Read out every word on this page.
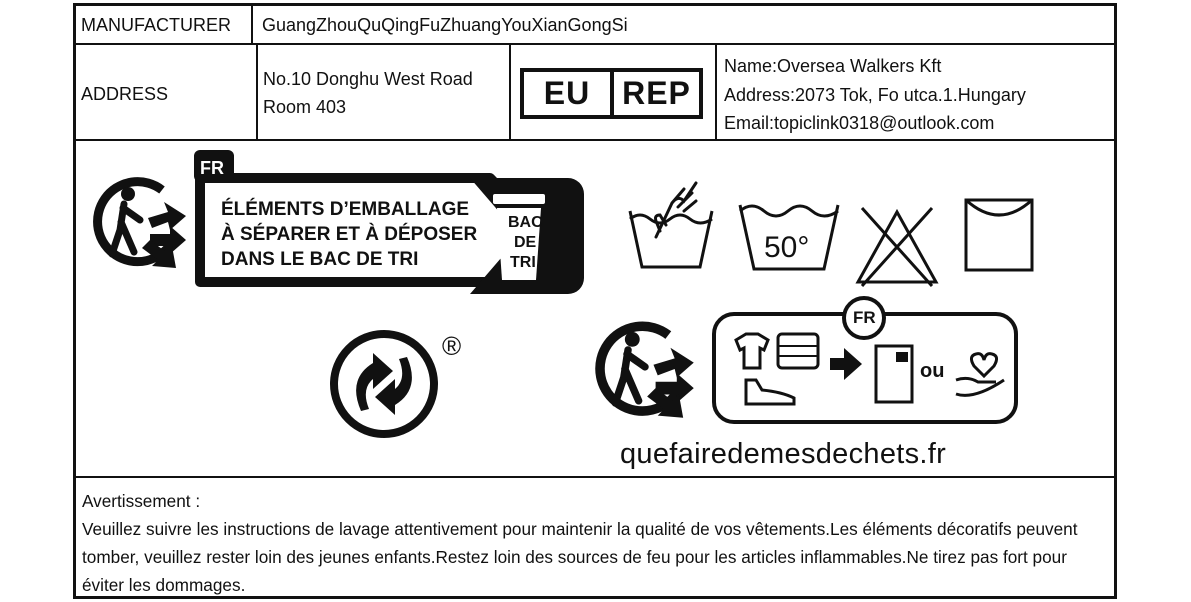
MANUFACTURER GuangZhouQuQingFuZhuangYouXianGongSi
ADDRESS
No.10 Donghu West Road
Room 403	EU REP
Name:Oversea Walkers Kft
Address:2073 Tok, Fo utca.1.Hungary
Email:topiclink0318@outlook.com
FR
ÉLÉMENTS D’EMBALLAGE
À SÉPARER ET À DÉPOSER
DANS LE BAC DE TRI
BAC
DE
TRI	50°
®
FR
ou
quefairedemesdechets.fr
Avertissement :
Veuillez suivre les instructions de lavage attentivement pour maintenir la qualité de vos vêtements.Les éléments décoratifs peuvent tomber, veuillez rester loin des jeunes enfants.Restez loin des sources de feu pour les articles inflammables.Ne tirez pas fort pour éviter les dommages.
